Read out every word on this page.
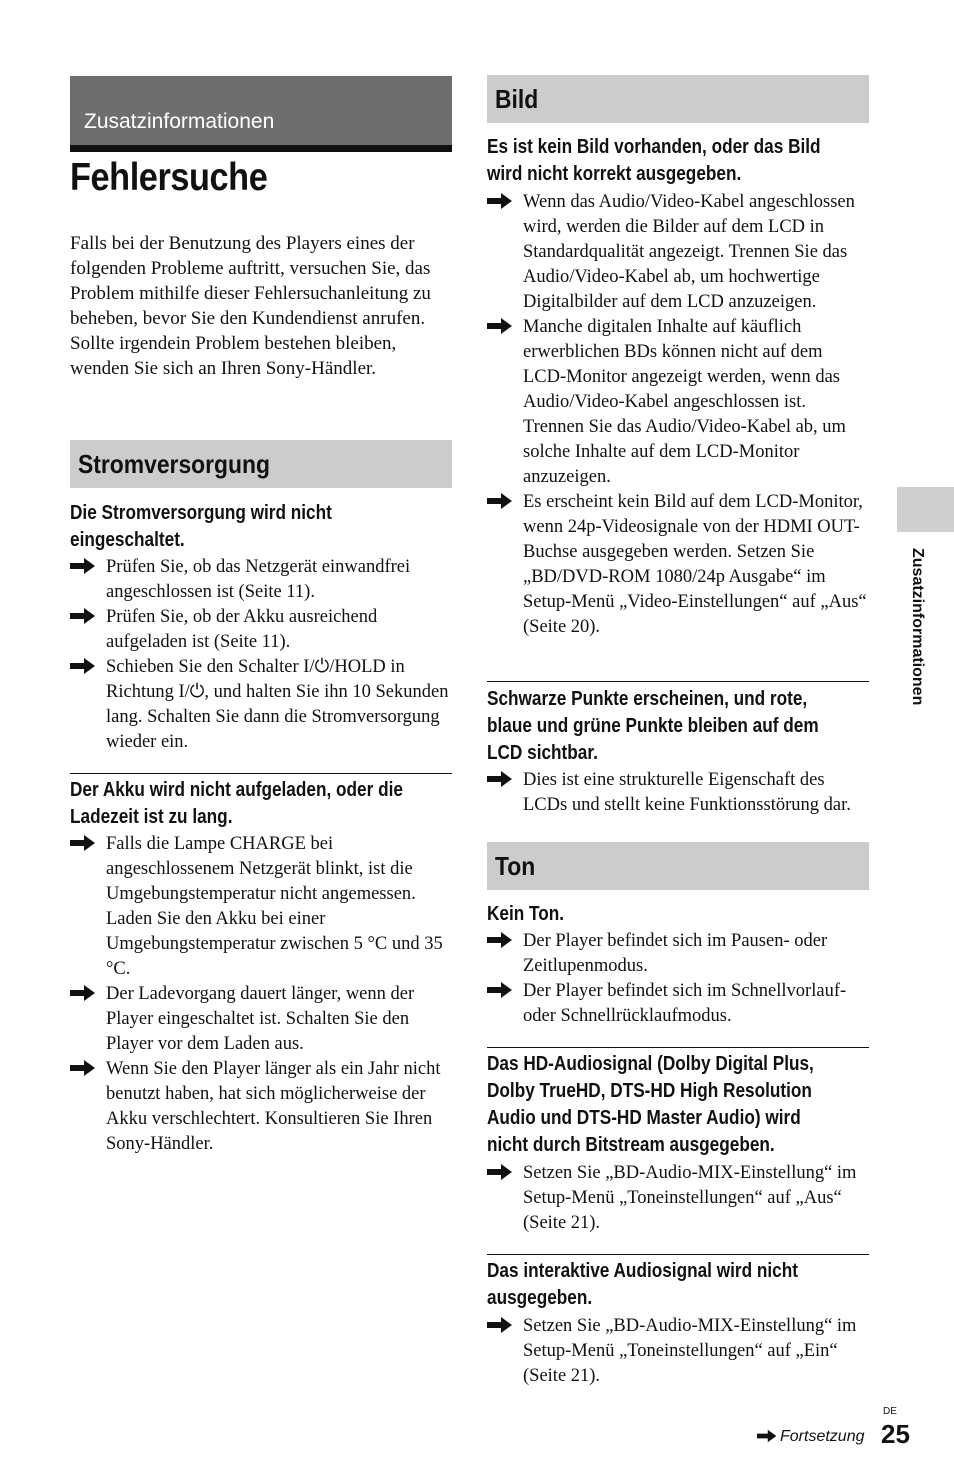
Zusatzinformationen
Fehlersuche

Falls bei der Benutzung des Players eines der folgenden Probleme auftritt, versuchen Sie, das Problem mithilfe dieser Fehlersuchanleitung zu beheben, bevor Sie den Kundendienst anrufen. Sollte irgendein Problem bestehen bleiben, wenden Sie sich an Ihren Sony-Händler.

Stromversorgung
Die Stromversorgung wird nicht
eingeschaltet.
Prüfen Sie, ob das Netzgerät einwandfrei angeschlossen ist (Seite 11).
Prüfen Sie, ob der Akku ausreichend aufgeladen ist (Seite 11).
Schieben Sie den Schalter I/⏻/HOLD in Richtung I/⏻, und halten Sie ihn 10 Sekunden lang. Schalten Sie dann die Stromversorgung wieder ein.
Der Akku wird nicht aufgeladen, oder die
Ladezeit ist zu lang.
Falls die Lampe CHARGE bei angeschlossenem Netzgerät blinkt, ist die Umgebungstemperatur nicht angemessen. Laden Sie den Akku bei einer Umgebungstemperatur zwischen 5 °C und 35 °C.
Der Ladevorgang dauert länger, wenn der Player eingeschaltet ist. Schalten Sie den Player vor dem Laden aus.
Wenn Sie den Player länger als ein Jahr nicht benutzt haben, hat sich möglicherweise der Akku verschlechtert. Konsultieren Sie Ihren Sony-Händler.
Bild
Es ist kein Bild vorhanden, oder das Bild
wird nicht korrekt ausgegeben.
Wenn das Audio/Video-Kabel angeschlossen wird, werden die Bilder auf dem LCD in Standardqualität angezeigt. Trennen Sie das Audio/Video-Kabel ab, um hochwertige Digitalbilder auf dem LCD anzuzeigen.
Manche digitalen Inhalte auf käuflich erwerblichen BDs können nicht auf dem LCD-Monitor angezeigt werden, wenn das Audio/Video-Kabel angeschlossen ist. Trennen Sie das Audio/Video-Kabel ab, um solche Inhalte auf dem LCD-Monitor anzuzeigen.
Es erscheint kein Bild auf dem LCD-Monitor, wenn 24p-Videosignale von der HDMI OUT-Buchse ausgegeben werden. Setzen Sie „BD/DVD-ROM 1080/24p Ausgabe“ im Setup-Menü „Video-Einstellungen“ auf „Aus“ (Seite 20).
Schwarze Punkte erscheinen, und rote,
blaue und grüne Punkte bleiben auf dem
LCD sichtbar.
Dies ist eine strukturelle Eigenschaft des LCDs und stellt keine Funktionsstörung dar.
Ton
Kein Ton.
Der Player befindet sich im Pausen- oder Zeitlupenmodus.
Der Player befindet sich im Schnellvorlauf- oder Schnellrücklaufmodus.
Das HD-Audiosignal (Dolby Digital Plus,
Dolby TrueHD, DTS-HD High Resolution
Audio und DTS-HD Master Audio) wird
nicht durch Bitstream ausgegeben.
Setzen Sie „BD-Audio-MIX-Einstellung“ im Setup-Menü „Toneinstellungen“ auf „Aus“ (Seite 21).
Das interaktive Audiosignal wird nicht
ausgegeben.
Setzen Sie „BD-Audio-MIX-Einstellung“ im Setup-Menü „Toneinstellungen“ auf „Ein“ (Seite 21).
Zusatzinformationen
Fortsetzung
DE
25
